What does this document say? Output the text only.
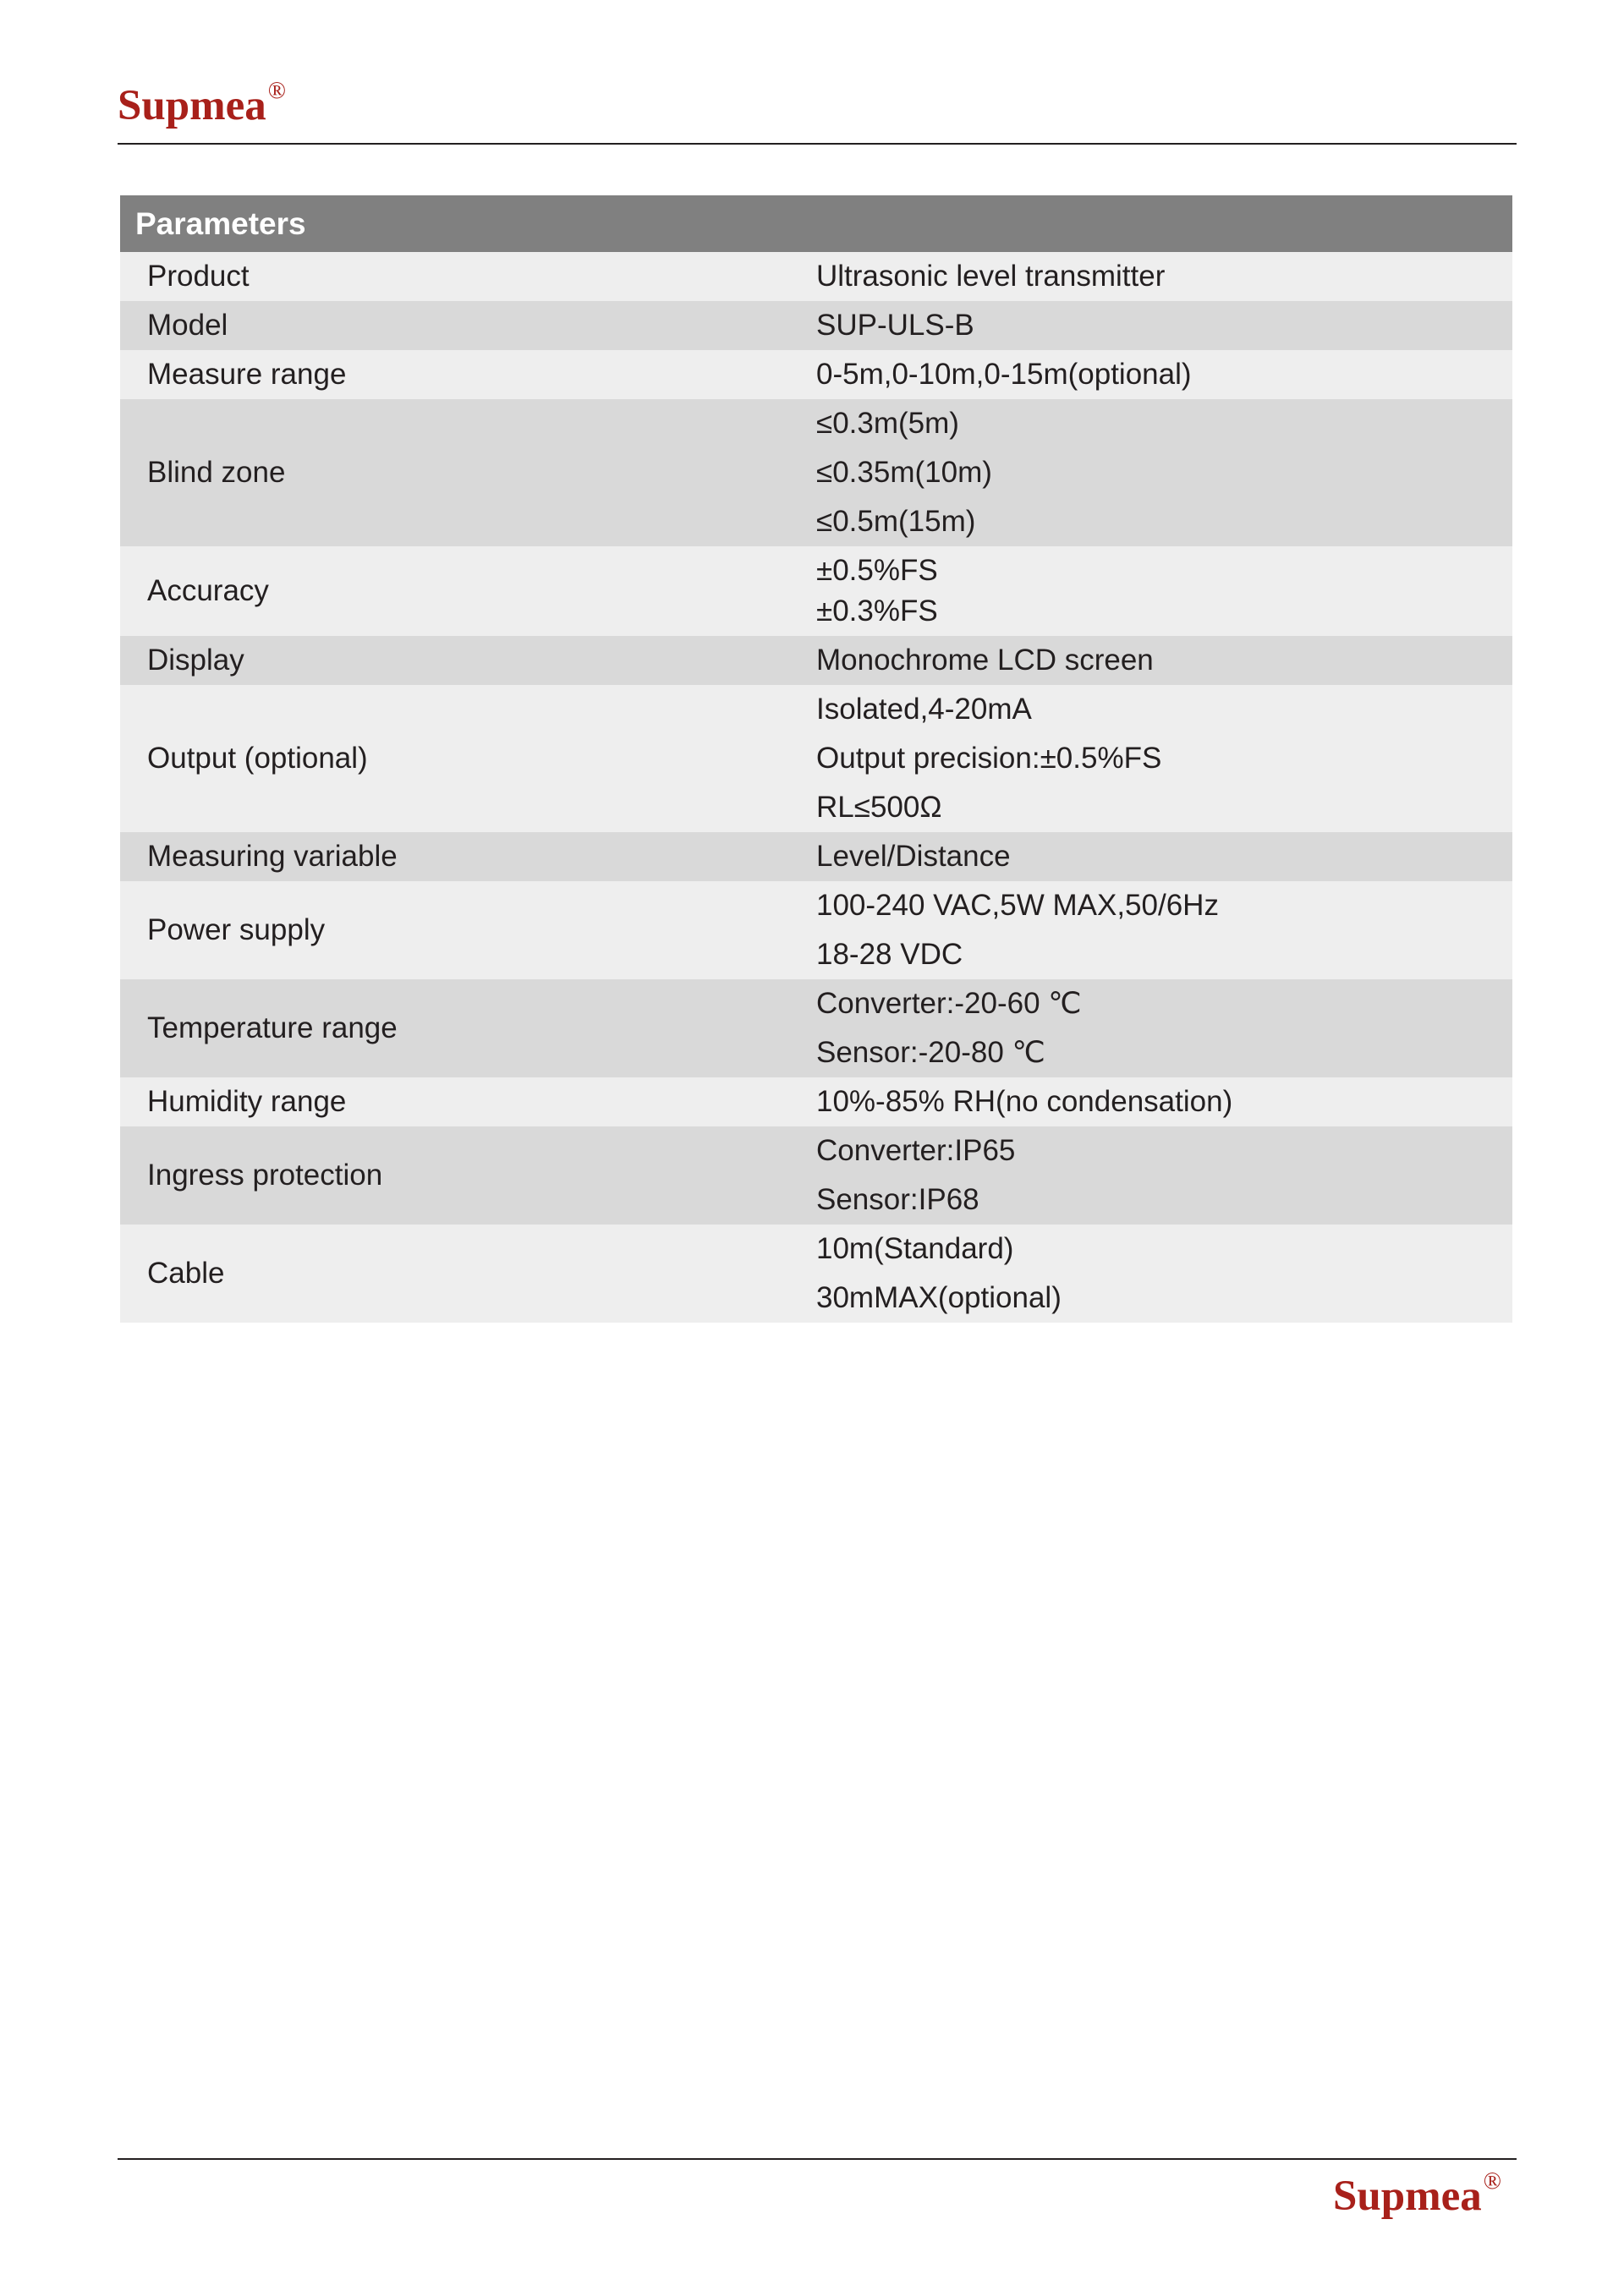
Supmea®
Parameters	
Product	Ultrasonic level transmitter

Model	SUP-ULS-B

Measure range	0-5m,0-10m,0-15m(optional)

Blind zone	≤0.3m(5m)
≤0.35m(10m)
≤0.5m(15m)

Accuracy	±0.5%FS
±0.3%FS

Display	Monochrome LCD screen

Output (optional)	Isolated,4-20mA
Output precision:±0.5%FS
RL≤500Ω

Measuring variable	Level/Distance

Power supply	100-240 VAC,5W MAX,50/6Hz
18-28 VDC

Temperature range	Converter:-20-60 ℃
Sensor:-20-80 ℃

Humidity range	10%-85% RH(no condensation)

Ingress protection	Converter:IP65
Sensor:IP68

Cable	10m(Standard)
30mMAX(optional)
Supmea®
